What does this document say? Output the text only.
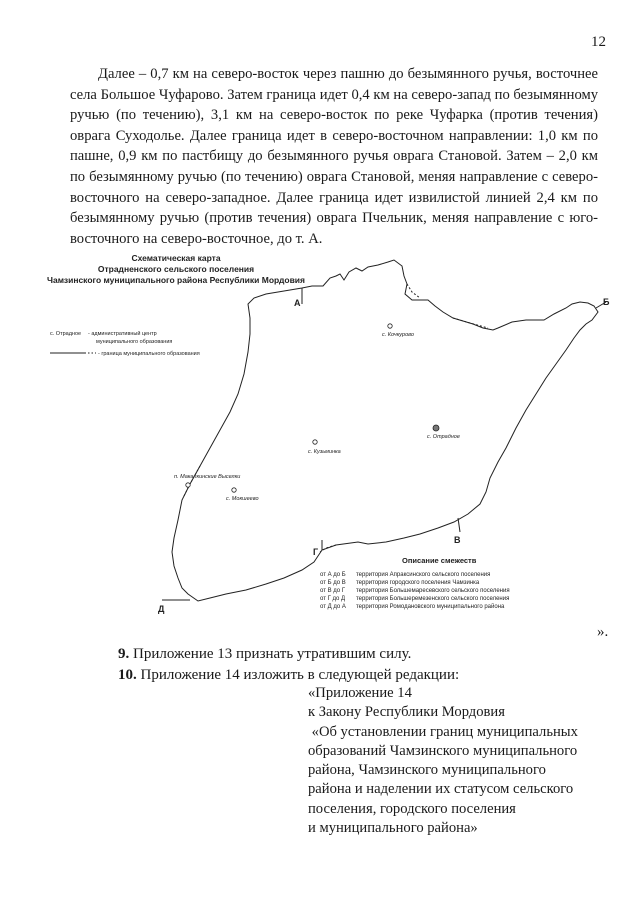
12

Далее – 0,7 км на северо-восток через пашню до безымянного ручья, восточнее села Большое Чуфарово. Затем граница идет 0,4 км на северо-запад по безымянному ручью (по течению), 3,1 км на северо-восток по реке Чуфарка (против течения) оврага Суходолье. Далее граница идет в северо-восточном направлении: 1,0 км по пашне, 0,9 км по пастбищу до безымянного ручья оврага Становой. Затем – 2,0 км по безымянному ручью (по течению) оврага Становой, меняя направление с северо-восточного на северо-западное. Далее граница идет извилистой линией 2,4 км по безымянному ручью (против течения) оврага Пчельник, меняя направление с юго-восточного на северо-восточное, до т. А.

Схематическая карта
Отрадненского сельского поселения
Чамзинского муниципального района Республики Мордовия
с. Отрадное - административный центр
муниципального образования
- граница муниципального образования
А	Б
В
Г
Д
с. Кочкурово
с. Отрадное
с. Кузьминка
п. Макалкинские Выселки
с. Мокшеево
Описание смежеств
от А до Б территория Апраксинского сельского поселения
от Б до В территория городского поселения Чамзинка
от В до Г территория Большемаресевского сельского поселения
от Г до Д территория Большеремезенского сельского поселения
от Д до А территория Ромодановского муниципального района
».
9. Приложение 13 признать утратившим силу.
10. Приложение 14 изложить в следующей редакции:
«Приложение 14
к Закону Республики Мордовия
«Об установлении границ муниципальных
образований Чамзинского муниципального
района, Чамзинского муниципального
района и наделении их статусом сельского
поселения, городского поселения
и муниципального района»
